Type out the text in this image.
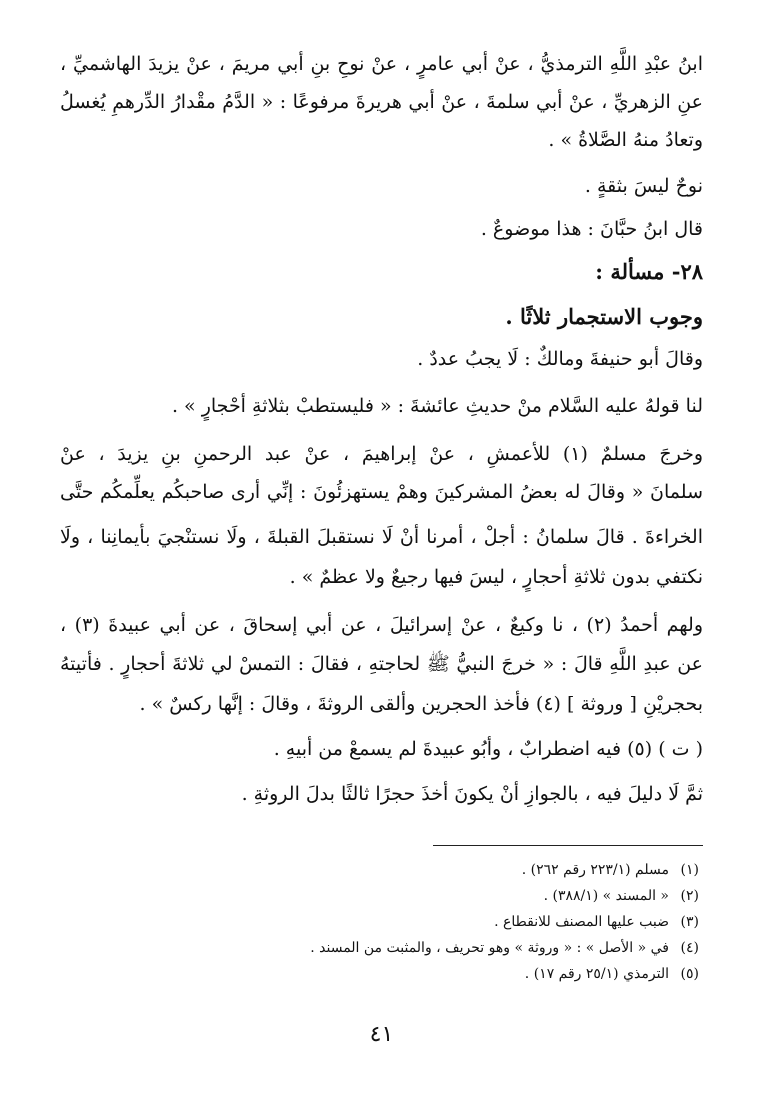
ابنُ عبْدِ اللَّهِ الترمذيُّ ، عنْ أبي عامرٍ ، عنْ نوحِ بنِ أبي مريمَ ، عنْ يزيدَ الهاشميِّ ،
عنِ الزهريِّ ، عنْ أبي سلمةَ ، عنْ أبي هريرةَ مرفوعًا : « الدَّمُ مقْدارُ الدِّرهمِ يُغسلُ
وتعادُ منهُ الصَّلاةُ » .
نوحٌ ليسَ بثقةٍ .
قال ابنُ حبَّانَ : هذا موضوعٌ .
٢٨- مسألة :
وجوب الاستجمار ثلاثًا .
وقالَ أبو حنيفةَ ومالكٌ : لَا يجبُ عددٌ .
لنا قولهُ عليه السَّلام منْ حديثِ عائشةَ : « فليستطبْ بثلاثةِ أحْجارٍ » .
وخرجَ مسلمٌ (١) للأعمشِ ، عنْ إبراهيمَ ، عنْ عبد الرحمنِ بنِ يزيدَ ، عنْ
سلمانَ « وقالَ له بعضُ المشركينَ وهمْ يستهزئُونَ : إنِّي أرى صاحبكُم يعلِّمكُم حتَّى
الخراءةَ . قالَ سلمانُ : أجلْ ، أمرنا أنْ لَا نستقبلَ القبلةَ ، ولَا نستنْجيَ بأيمانِنا ، ولَا
نكتفي بدون ثلاثةِ أحجارٍ ، ليسَ فيها رجيعٌ ولا عظمٌ » .
ولهم أحمدُ (٢) ، نا وكيعٌ ، عنْ إسرائيلَ ، عن أبي إسحاقَ ، عن أبي عبيدةَ (٣) ،
عن عبدِ اللَّهِ قالَ : « خرجَ النبيُّ ﷺ لحاجتهِ ، فقالَ : التمسْ لي ثلاثةَ أحجارٍ . فأتيتهُ
بحجريْنِ [ وروثة ] (٤) فأخذ الحجرين وألقى الروثةَ ، وقالَ : إنَّها ركسٌ » .
( ت ) (٥) فيه اضطرابٌ ، وأبُو عبيدةَ لم يسمعْ من أبيهِ .
ثمَّ لَا دليلَ فيه ، بالجوازِ أنْ يكونَ أخذَ حجرًا ثالثًا بدلَ الروثةِ .
(١)مسلم (٢٢٣/١ رقم ٢٦٢) .
(٢)« المسند » (٣٨٨/١) .
(٣)ضبب عليها المصنف للانقطاع .
(٤)في « الأصل » : « وروثة » وهو تحريف ، والمثبت من المسند .
(٥)الترمذي (٢٥/١ رقم ١٧) .
٤١
